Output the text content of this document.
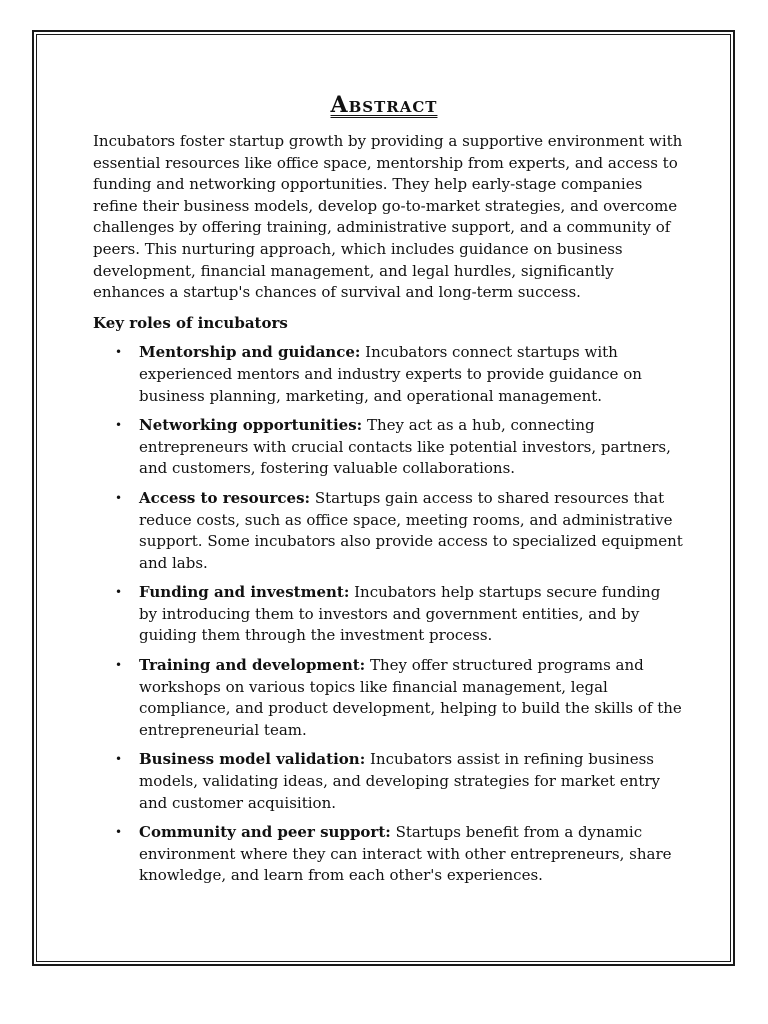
Abstract

Incubators foster startup growth by providing a supportive environment with essential resources like office space, mentorship from experts, and access to funding and networking opportunities. They help early-stage companies refine their business models, develop go-to-market strategies, and overcome challenges by offering training, administrative support, and a community of peers. This nurturing approach, which includes guidance on business development, financial management, and legal hurdles, significantly enhances a startup's chances of survival and long-term success.

Key roles of incubators

• Mentorship and guidance: Incubators connect startups with experienced mentors and industry experts to provide guidance on business planning, marketing, and operational management.
• Networking opportunities: They act as a hub, connecting entrepreneurs with crucial contacts like potential investors, partners, and customers, fostering valuable collaborations.
• Access to resources: Startups gain access to shared resources that reduce costs, such as office space, meeting rooms, and administrative support. Some incubators also provide access to specialized equipment and labs.
• Funding and investment: Incubators help startups secure funding by introducing them to investors and government entities, and by guiding them through the investment process.
• Training and development: They offer structured programs and workshops on various topics like financial management, legal compliance, and product development, helping to build the skills of the entrepreneurial team.
• Business model validation: Incubators assist in refining business models, validating ideas, and developing strategies for market entry and customer acquisition.
• Community and peer support: Startups benefit from a dynamic environment where they can interact with other entrepreneurs, share knowledge, and learn from each other's experiences.
